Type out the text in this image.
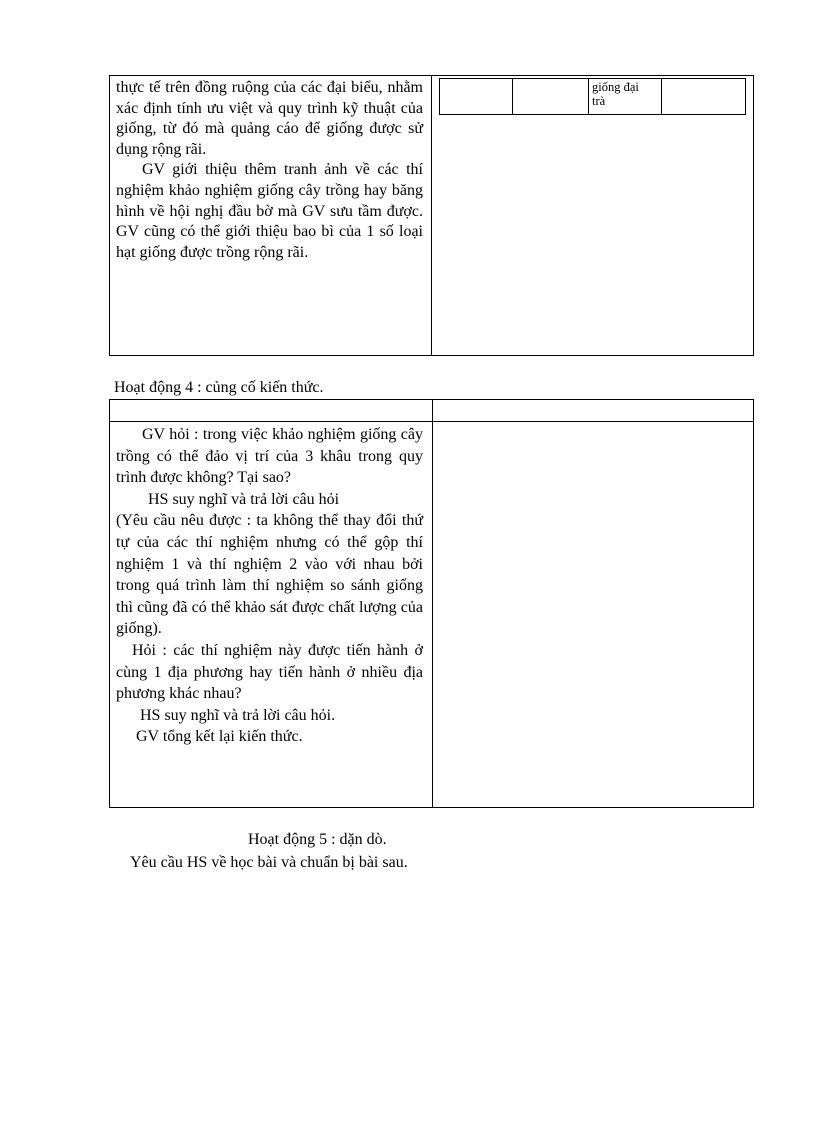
thực tế trên đồng ruộng của các đại biểu, nhằm xác định tính ưu việt và quy trình kỹ thuật của giống, từ đó mà quảng cáo để giống được sử dụng rộng rãi.

GV giới thiệu thêm tranh ảnh về các thí nghiệm khảo nghiệm giống cây trồng hay băng hình về hội nghị đầu bờ mà GV sưu tầm được. GV cũng có thể giới thiệu bao bì của 1 số loại hạt giống được trồng rộng rãi.

giống đại trà

Hoạt động 4 : củng cố kiến thức.

GV hỏi : trong việc khảo nghiệm giống cây trồng có thể đảo vị trí của 3 khâu trong quy trình được không? Tại sao?

HS suy nghĩ và trả lời câu hỏi

(Yêu cầu nêu được : ta không thể thay đổi thứ tự của các thí nghiệm nhưng có thể gộp thí nghiệm 1 và thí nghiệm 2 vào với nhau bởi trong quá trình làm thí nghiệm so sánh giống thì cũng đã có thể khảo sát được chất lượng của giống).

Hỏi : các thí nghiệm này được tiến hành ở cùng 1 địa phương hay tiến hành ở nhiều địa phương khác nhau?

HS suy nghĩ và trả lời câu hỏi.

GV tổng kết lại kiến thức.

Hoạt động 5 : dặn dò.

Yêu cầu HS về học bài và chuẩn bị bài sau.
